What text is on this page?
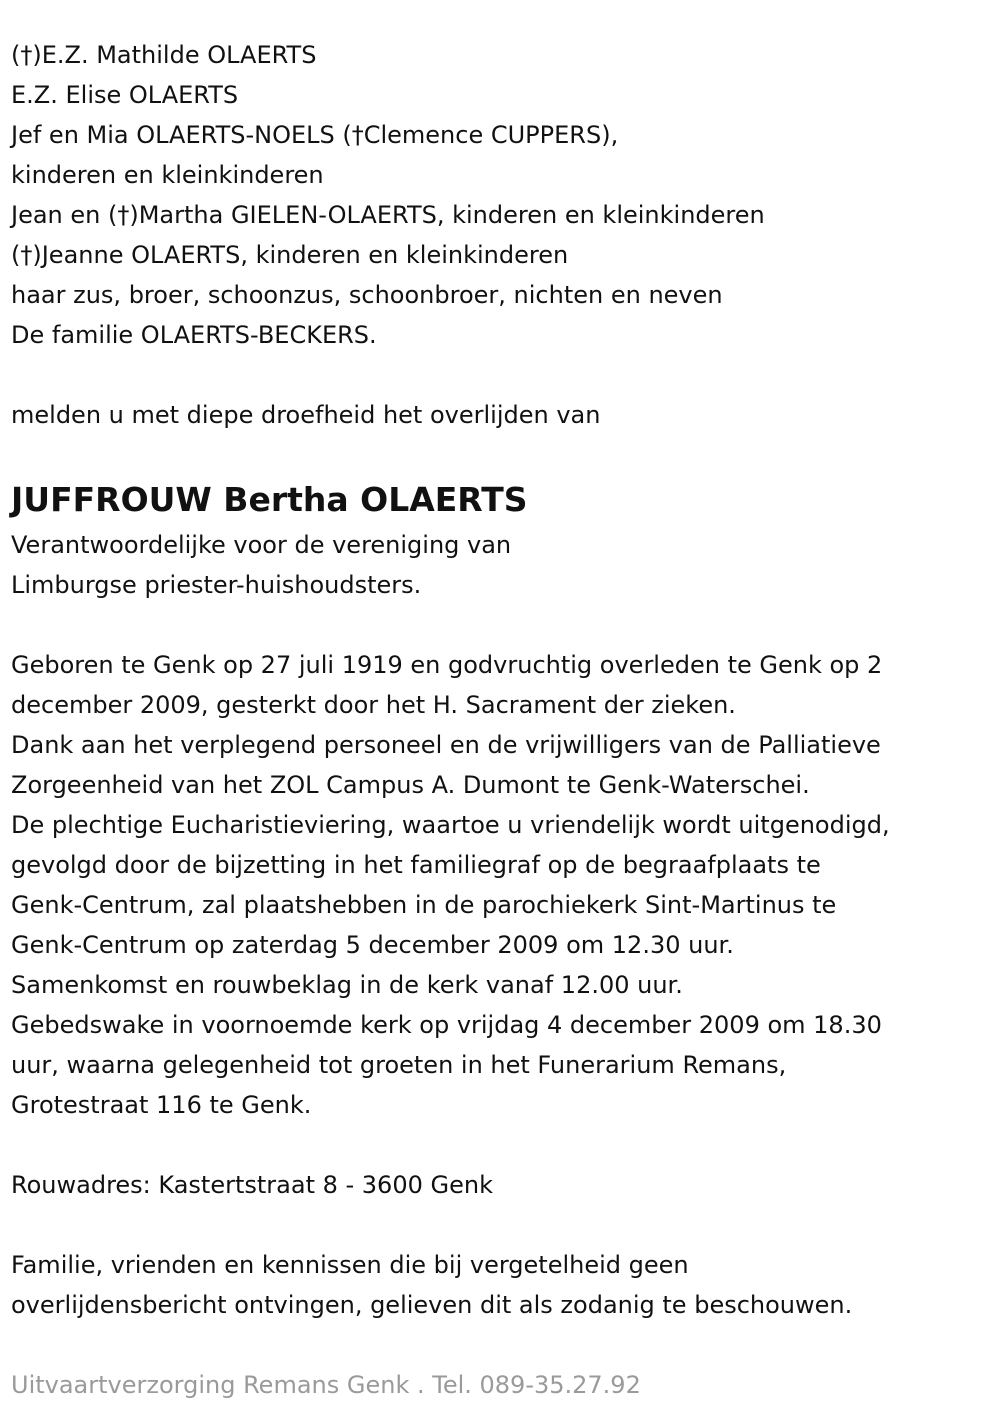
(†)E.Z. Mathilde OLAERTS
E.Z. Elise OLAERTS
Jef en Mia OLAERTS-NOELS (†Clemence CUPPERS),
kinderen en kleinkinderen
Jean en (†)Martha GIELEN-OLAERTS, kinderen en kleinkinderen
(†)Jeanne OLAERTS, kinderen en kleinkinderen
haar zus, broer, schoonzus, schoonbroer, nichten en neven
De familie OLAERTS-BECKERS.
melden u met diepe droefheid het overlijden van
JUFFROUW Bertha OLAERTS
Verantwoordelijke voor de vereniging van
Limburgse priester-huishoudsters.
Geboren te Genk op 27 juli 1919 en godvruchtig overleden te Genk op 2
december 2009, gesterkt door het H. Sacrament der zieken.
Dank aan het verplegend personeel en de vrijwilligers van de Palliatieve
Zorgeenheid van het ZOL Campus A. Dumont te Genk-Waterschei.
De plechtige Eucharistieviering, waartoe u vriendelijk wordt uitgenodigd,
gevolgd door de bijzetting in het familiegraf op de begraafplaats te
Genk-Centrum, zal plaatshebben in de parochiekerk Sint-Martinus te
Genk-Centrum op zaterdag 5 december 2009 om 12.30 uur.
Samenkomst en rouwbeklag in de kerk vanaf 12.00 uur.
Gebedswake in voornoemde kerk op vrijdag 4 december 2009 om 18.30
uur, waarna gelegenheid tot groeten in het Funerarium Remans,
Grotestraat 116 te Genk.
Rouwadres: Kastertstraat 8 - 3600 Genk
Familie, vrienden en kennissen die bij vergetelheid geen
overlijdensbericht ontvingen, gelieven dit als zodanig te beschouwen.
Uitvaartverzorging Remans Genk . Tel. 089-35.27.92
